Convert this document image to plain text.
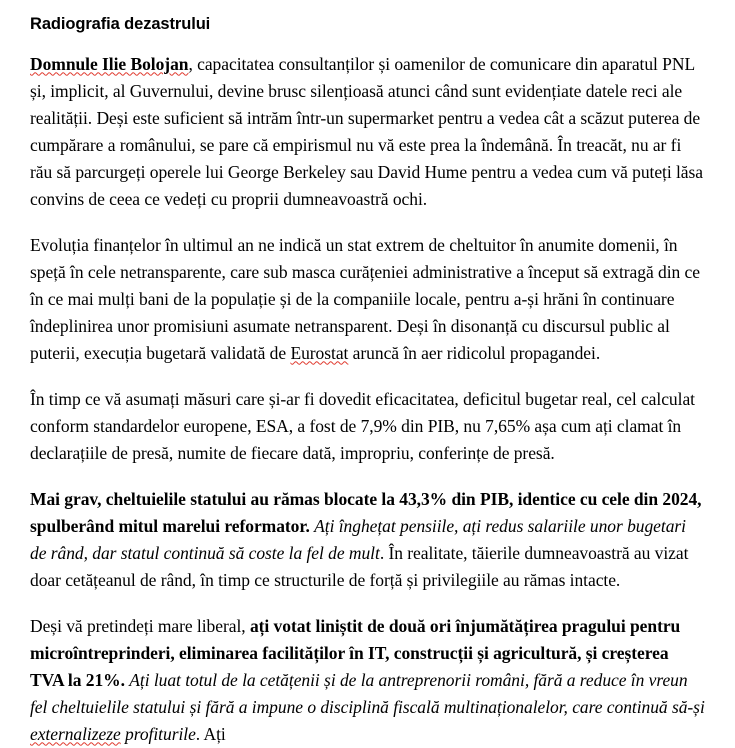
Radiografia dezastrului

Domnule Ilie Bolojan, capacitatea consultanților și oamenilor de comunicare din aparatul PNL și, implicit, al Guvernului, devine brusc silențioasă atunci când sunt evidențiate datele reci ale realității. Deși este suficient să intrăm într-un supermarket pentru a vedea cât a scăzut puterea de cumpărare a românului, se pare că empirismul nu vă este prea la îndemână. În treacăt, nu ar fi rău să parcurgeți operele lui George Berkeley sau David Hume pentru a vedea cum vă puteți lăsa convins de ceea ce vedeți cu proprii dumneavoastră ochi.

Evoluția finanțelor în ultimul an ne indică un stat extrem de cheltuitor în anumite domenii, în speță în cele netransparente, care sub masca curățeniei administrative a început să extragă din ce în ce mai mulți bani de la populație și de la companiile locale, pentru a-și hrăni în continuare îndeplinirea unor promisiuni asumate netransparent. Deși în disonanță cu discursul public al puterii, execuția bugetară validată de Eurostat aruncă în aer ridicolul propagandei.

În timp ce vă asumați măsuri care și-ar fi dovedit eficacitatea, deficitul bugetar real, cel calculat conform standardelor europene, ESA, a fost de 7,9% din PIB, nu 7,65% așa cum ați clamat în declarațiile de presă, numite de fiecare dată, impropriu, conferințe de presă.

Mai grav, cheltuielile statului au rămas blocate la 43,3% din PIB, identice cu cele din 2024, spulberând mitul marelui reformator. Ați înghețat pensiile, ați redus salariile unor bugetari de rând, dar statul continuă să coste la fel de mult. În realitate, tăierile dumneavoastră au vizat doar cetățeanul de rând, în timp ce structurile de forță și privilegiile au rămas intacte.

Deși vă pretindeți mare liberal, ați votat liniștit de două ori înjumătățirea pragului pentru microîntreprinderi, eliminarea facilităților în IT, construcții și agricultură, și creșterea TVA la 21%. Ați luat totul de la cetățenii și de la antreprenorii români, fără a reduce în vreun fel cheltuielile statului și fără a impune o disciplină fiscală multinaționalelor, care continuă să-și externalizeze profiturile. Ați
